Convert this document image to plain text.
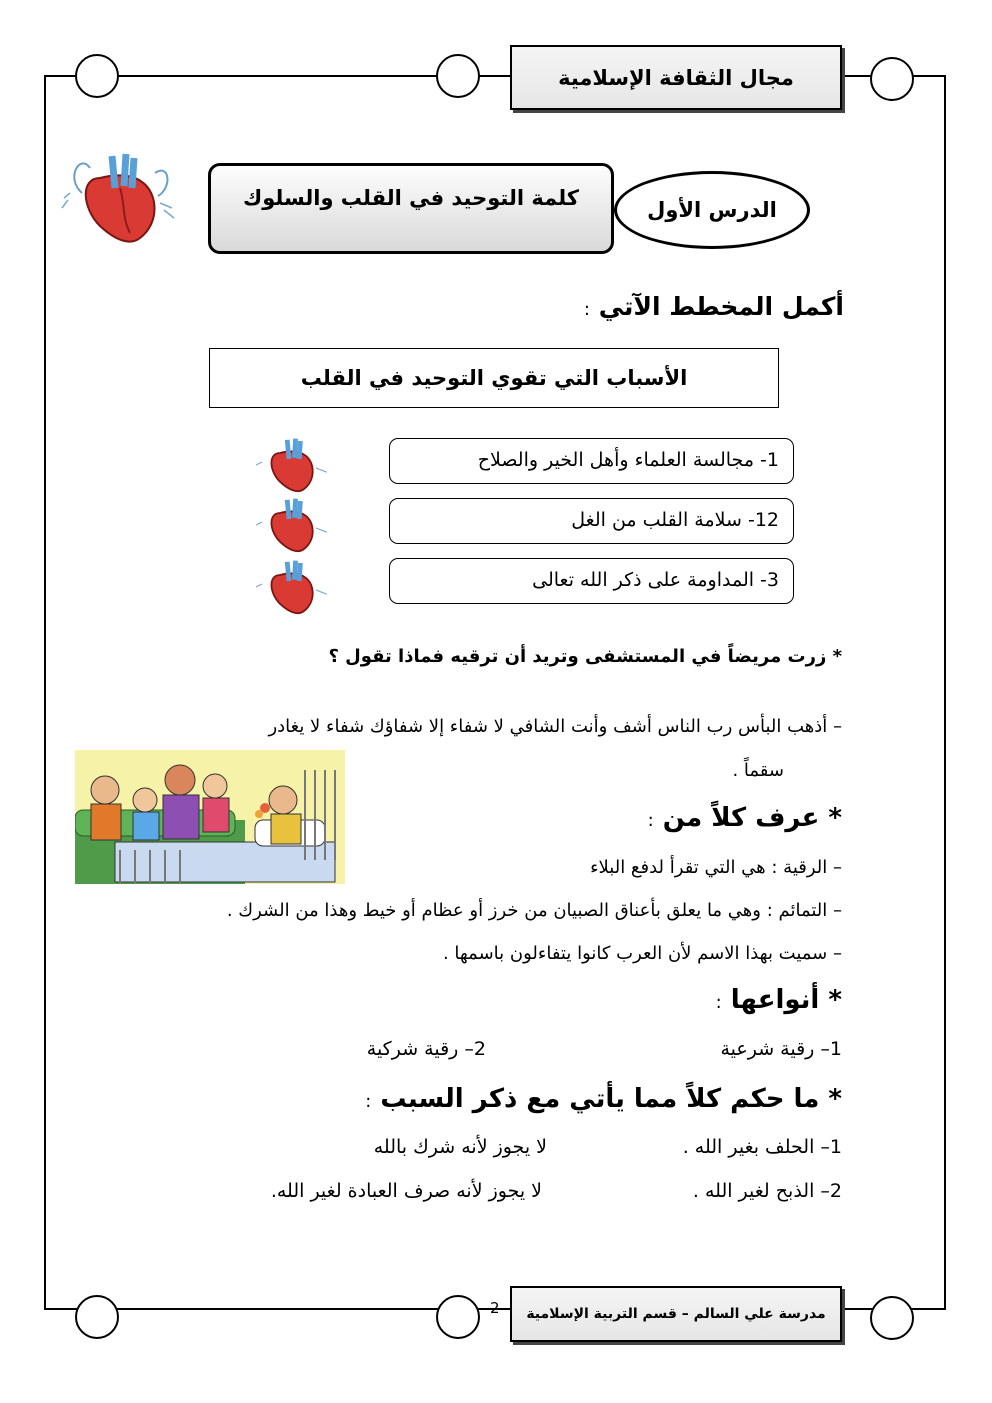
مجال الثقافة الإسلامية
كلمة التوحيد في القلب والسلوك
الدرس الأول
أكمل المخطط الآتي :
الأسباب التي تقوي التوحيد في القلب
1- مجالسة العلماء وأهل الخير والصلاح
12- سلامة القلب من الغل
3- المداومة على ذكر الله تعالى
* زرت مريضاً في المستشفى وتريد أن ترقيه فماذا تقول ؟
– أذهب البأس رب الناس أشف وأنت الشافي لا شفاء إلا شفاؤك شفاء لا يغادر
سقماً .
* عرف كلاً من :
– الرقية : هي التي تقرأ لدفع البلاء
– التمائم : وهي ما يعلق بأعناق الصبيان من خرز أو عظام أو خيط وهذا من الشرك .
– سميت بهذا الاسم لأن العرب كانوا يتفاءلون باسمها .
* أنواعها :
1– رقية شرعية
2– رقية شركية
* ما حكم كلاً مما يأتي مع ذكر السبب :
1– الحلف بغير الله .
لا يجوز لأنه شرك بالله
2– الذبح لغير الله .
لا يجوز لأنه صرف العبادة لغير الله.
مدرسة علي السالم – قسم التربية الإسلامية
2
